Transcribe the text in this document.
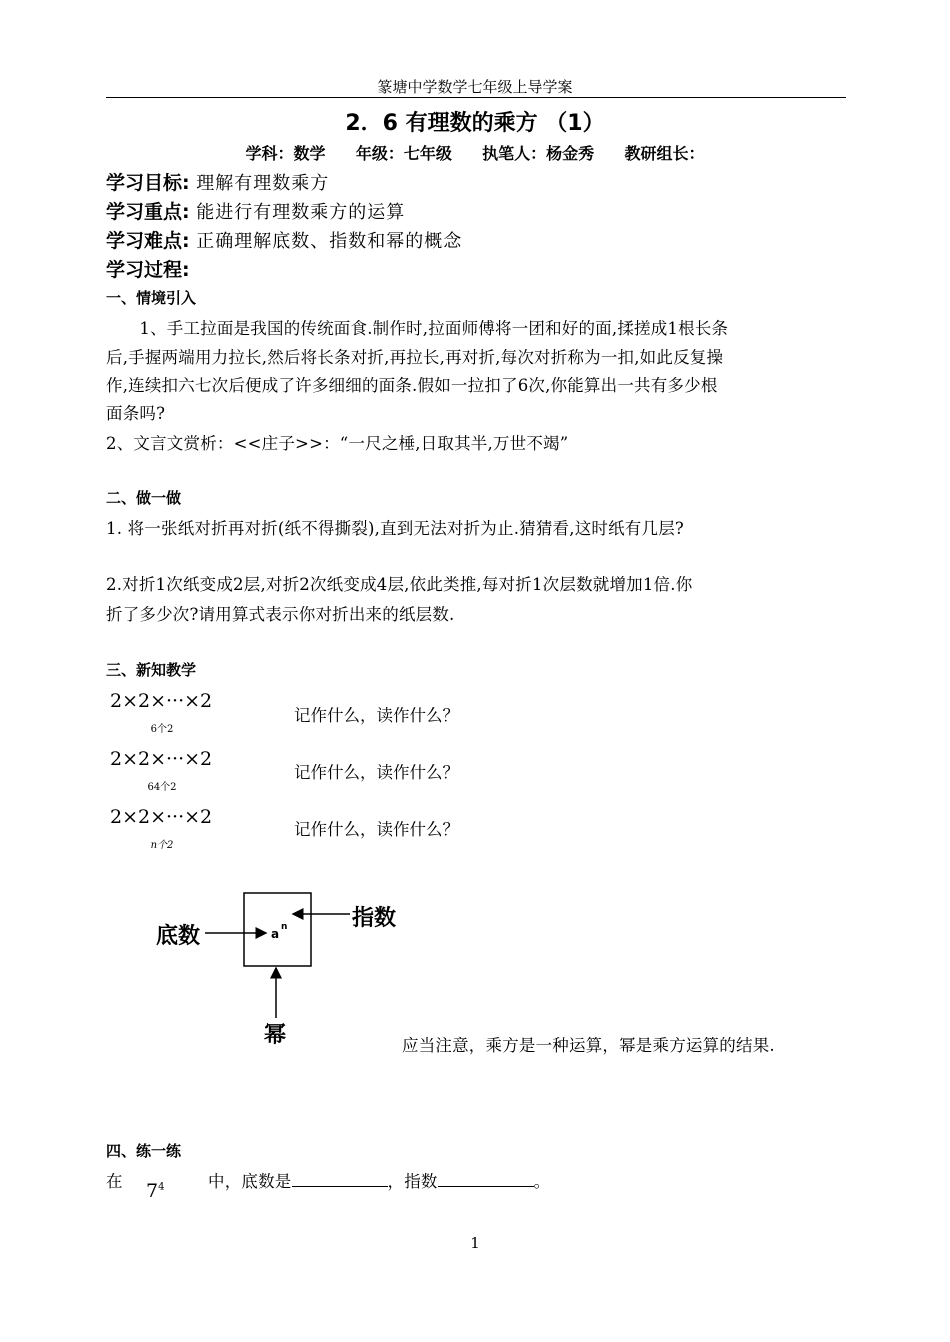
篆塘中学数学七年级上导学案
2．6 有理数的乘方 （1）
学科：数学 年级：七年级 执笔人：杨金秀 教研组长：
学习目标: 理解有理数乘方
学习重点: 能进行有理数乘方的运算
学习难点: 正确理解底数、指数和幂的概念
学习过程:
一、情境引入
　　1、手工拉面是我国的传统面食.制作时,拉面师傅将一团和好的面,揉搓成1根长条
后,手握两端用力拉长,然后将长条对折,再拉长,再对折,每次对折称为一扣,如此反复操
作,连续扣六七次后便成了许多细细的面条.假如一拉扣了6次,你能算出一共有多少根
面条吗?
2、文言文赏析：<<庄子>>：“一尺之棰,日取其半,万世不竭”
二、做一做
1. 将一张纸对折再对折(纸不得撕裂),直到无法对折为止.猜猜看,这时纸有几层?
2.对折1次纸变成2层,对折2次纸变成4层,依此类推,每对折1次层数就增加1倍.你
折了多少次?请用算式表示你对折出来的纸层数.
三、新知教学
2×2×···×2
6个2
记作什么，读作什么？
2×2×···×2
64个2
记作什么，读作什么？
2×2×···×2
n个2
记作什么，读作什么？
底数
指数
幂
a n
应当注意，乘方是一种运算，幂是乘方运算的结果.
四、练一练
在 $7^4$	中，底数是	，指数	。
1
